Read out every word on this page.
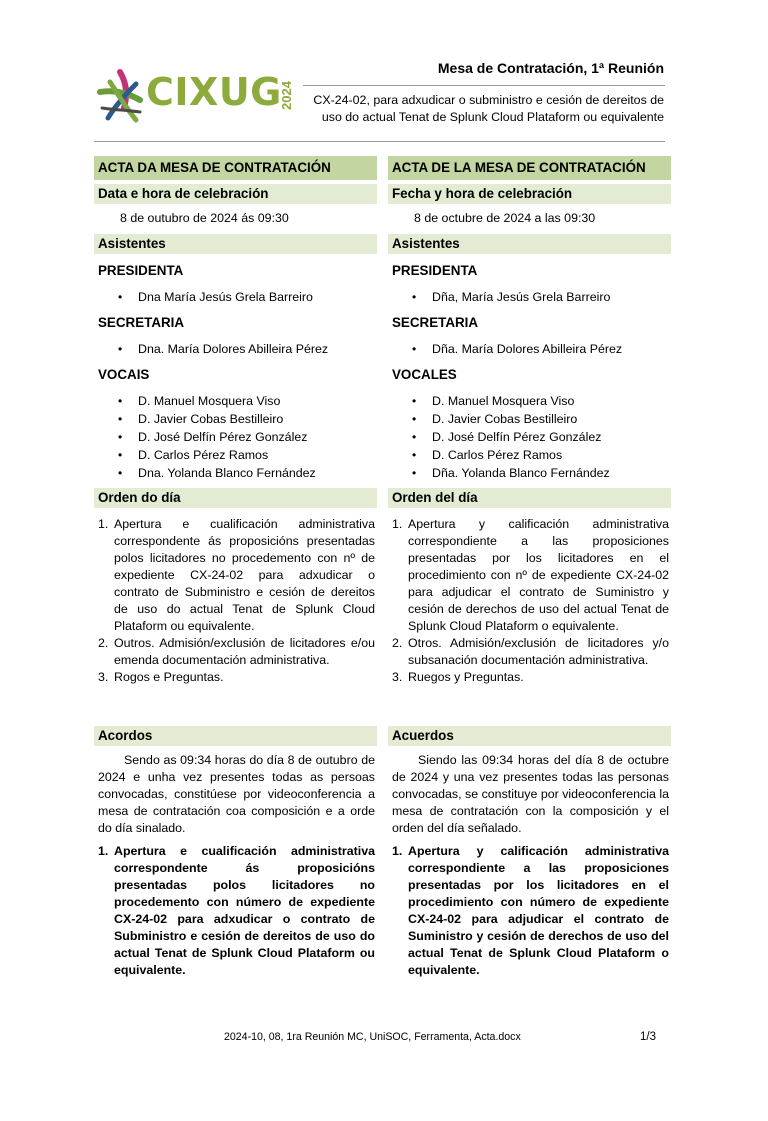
CIXUG
2024
Mesa de Contratación, 1ª Reunión
CX-24-02, para adxudicar o subministro e cesión de dereitos de uso do actual Tenat de Splunk Cloud Plataform ou equivalente
ACTA DA MESA DE CONTRATACIÓN
Data e hora de celebración
8 de outubro de 2024 ás 09:30
Asistentes
PRESIDENTA
• Dna María Jesús Grela Barreiro
SECRETARIA
• Dna. María Dolores Abilleira Pérez
VOCAIS
• D. Manuel Mosquera Viso
• D. Javier Cobas Bestilleiro
• D. José Delfín Pérez González
• D. Carlos Pérez Ramos
• Dna. Yolanda Blanco Fernández
Orden do día
1. Apertura e cualificación administrativa correspondente ás proposicións presentadas polos licitadores no procedemento con nº de expediente CX-24-02 para adxudicar o contrato de Subministro e cesión de dereitos de uso do actual Tenat de Splunk Cloud Plataform ou equivalente.
2. Outros. Admisión/exclusión de licitadores e/ou emenda documentación administrativa.
3. Rogos e Preguntas.
Acordos
Sendo as 09:34 horas do día 8 de outubro de 2024 e unha vez presentes todas as persoas convocadas, constitúese por videoconferencia a mesa de contratación coa composición e a orde do día sinalado.
1. Apertura e cualificación administrativa correspondente ás proposicións presentadas polos licitadores no procedemento con número de expediente CX-24-02 para adxudicar o contrato de Subministro e cesión de dereitos de uso do actual Tenat de Splunk Cloud Plataform ou equivalente.
ACTA DE LA MESA DE CONTRATACIÓN
Fecha y hora de celebración
8 de octubre de 2024 a las 09:30
Asistentes
PRESIDENTA
• Dña, María Jesús Grela Barreiro
SECRETARIA
• Dña. María Dolores Abilleira Pérez
VOCALES
• D. Manuel Mosquera Viso
• D. Javier Cobas Bestilleiro
• D. José Delfín Pérez González
• D. Carlos Pérez Ramos
• Dña. Yolanda Blanco Fernández
Orden del día
1. Apertura y calificación administrativa correspondiente a las proposiciones presentadas por los licitadores en el procedimiento con nº de expediente CX-24-02 para adjudicar el contrato de Suministro y cesión de derechos de uso del actual Tenat de Splunk Cloud Plataform o equivalente.
2. Otros. Admisión/exclusión de licitadores y/o subsanación documentación administrativa.
3. Ruegos y Preguntas.
Acuerdos
Siendo las 09:34 horas del día 8 de octubre de 2024 y una vez presentes todas las personas convocadas, se constituye por videoconferencia la mesa de contratación con la composición y el orden del día señalado.
1. Apertura y calificación administrativa correspondiente a las proposiciones presentadas por los licitadores en el procedimiento con número de expediente CX-24-02 para adjudicar el contrato de Suministro y cesión de derechos de uso del actual Tenat de Splunk Cloud Plataform o equivalente.
2024-10, 08, 1ra Reunión MC, UniSOC, Ferramenta, Acta.docx	1/3
